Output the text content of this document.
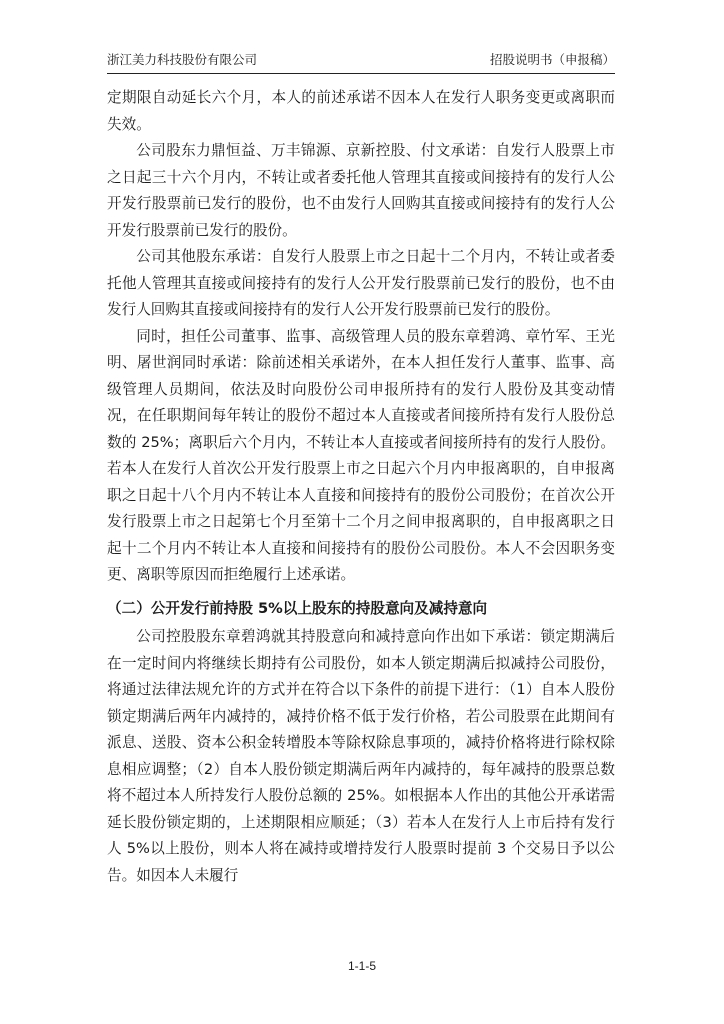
浙江美力科技股份有限公司	招股说明书（申报稿）

定期限自动延长六个月，本人的前述承诺不因本人在发行人职务变更或离职而失效。

公司股东力鼎恒益、万丰锦源、京新控股、付文承诺：自发行人股票上市之日起三十六个月内，不转让或者委托他人管理其直接或间接持有的发行人公开发行股票前已发行的股份，也不由发行人回购其直接或间接持有的发行人公开发行股票前已发行的股份。

公司其他股东承诺：自发行人股票上市之日起十二个月内，不转让或者委托他人管理其直接或间接持有的发行人公开发行股票前已发行的股份，也不由发行人回购其直接或间接持有的发行人公开发行股票前已发行的股份。

同时，担任公司董事、监事、高级管理人员的股东章碧鸿、章竹军、王光明、屠世润同时承诺：除前述相关承诺外，在本人担任发行人董事、监事、高级管理人员期间，依法及时向股份公司申报所持有的发行人股份及其变动情况，在任职期间每年转让的股份不超过本人直接或者间接所持有发行人股份总数的 25%；离职后六个月内，不转让本人直接或者间接所持有的发行人股份。若本人在发行人首次公开发行股票上市之日起六个月内申报离职的，自申报离职之日起十八个月内不转让本人直接和间接持有的股份公司股份；在首次公开发行股票上市之日起第七个月至第十二个月之间申报离职的，自申报离职之日起十二个月内不转让本人直接和间接持有的股份公司股份。本人不会因职务变更、离职等原因而拒绝履行上述承诺。

（二）公开发行前持股 5%以上股东的持股意向及减持意向

公司控股股东章碧鸿就其持股意向和减持意向作出如下承诺：锁定期满后在一定时间内将继续长期持有公司股份，如本人锁定期满后拟减持公司股份，将通过法律法规允许的方式并在符合以下条件的前提下进行：（1）自本人股份锁定期满后两年内减持的，减持价格不低于发行价格，若公司股票在此期间有派息、送股、资本公积金转增股本等除权除息事项的，减持价格将进行除权除息相应调整；（2）自本人股份锁定期满后两年内减持的，每年减持的股票总数将不超过本人所持发行人股份总额的 25%。如根据本人作出的其他公开承诺需延长股份锁定期的，上述期限相应顺延；（3）若本人在发行人上市后持有发行人 5%以上股份，则本人将在减持或增持发行人股票时提前 3 个交易日予以公告。如因本人未履行

1-1-5
